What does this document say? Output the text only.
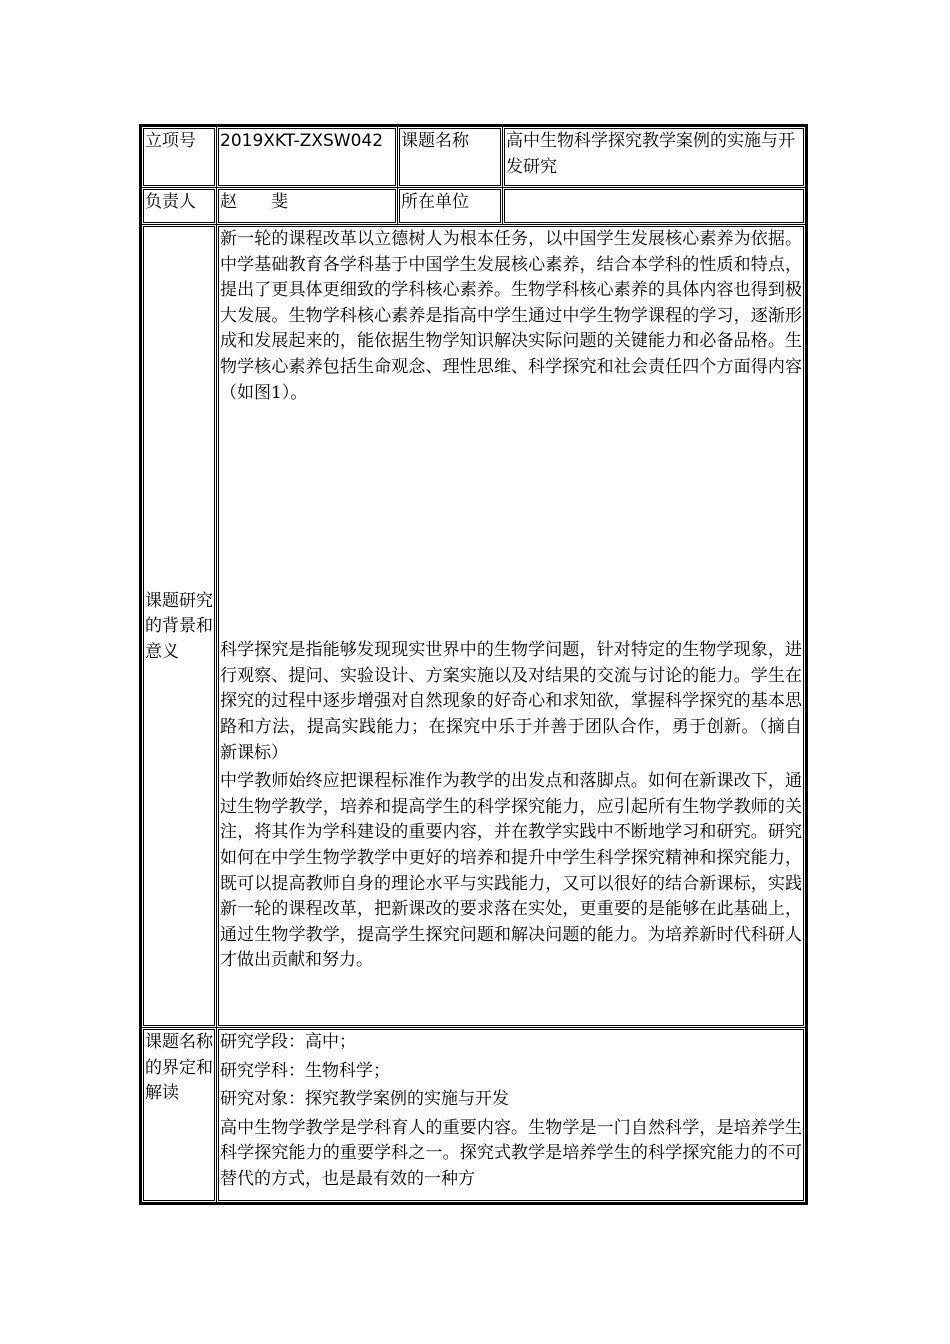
立项号	2019XKT-ZXSW042	课题名称	高中生物科学探究教学案例的实施与开发研究
负责人	赵　　斐	所在单位	
课题研究的背景和意义	新一轮的课程改革以立德树人为根本任务，以中国学生发展核心素养为依据。中学基础教育各学科基于中国学生发展核心素养，结合本学科的性质和特点，提出了更具体更细致的学科核心素养。生物学科核心素养的具体内容也得到极大发展。生物学科核心素养是指高中学生通过中学生物学课程的学习，逐渐形成和发展起来的，能依据生物学知识解决实际问题的关键能力和必备品格。生物学核心素养包括生命观念、理性思维、科学探究和社会责任四个方面得内容（如图1）。

科学探究是指能够发现现实世界中的生物学问题，针对特定的生物学现象，进行观察、提问、实验设计、方案实施以及对结果的交流与讨论的能力。学生在探究的过程中逐步增强对自然现象的好奇心和求知欲，掌握科学探究的基本思路和方法，提高实践能力；在探究中乐于并善于团队合作，勇于创新。（摘自新课标）

中学教师始终应把课程标准作为教学的出发点和落脚点。如何在新课改下，通过生物学教学，培养和提高学生的科学探究能力，应引起所有生物学教师的关注，将其作为学科建设的重要内容，并在教学实践中不断地学习和研究。研究如何在中学生物学教学中更好的培养和提升中学生科学探究精神和探究能力，既可以提高教师自身的理论水平与实践能力，又可以很好的结合新课标，实践新一轮的课程改革，把新课改的要求落在实处，更重要的是能够在此基础上，通过生物学教学，提高学生探究问题和解决问题的能力。为培养新时代科研人才做出贡献和努力。		

课题名称的界定和解读	研究学段：高中；

研究学科：生物科学；

研究对象：探究教学案例的实施与开发

高中生物学教学是学科育人的重要内容。生物学是一门自然科学，是培养学生科学探究能力的重要学科之一。探究式教学是培养学生的科学探究能力的不可替代的方式，也是最有效的一种方		
